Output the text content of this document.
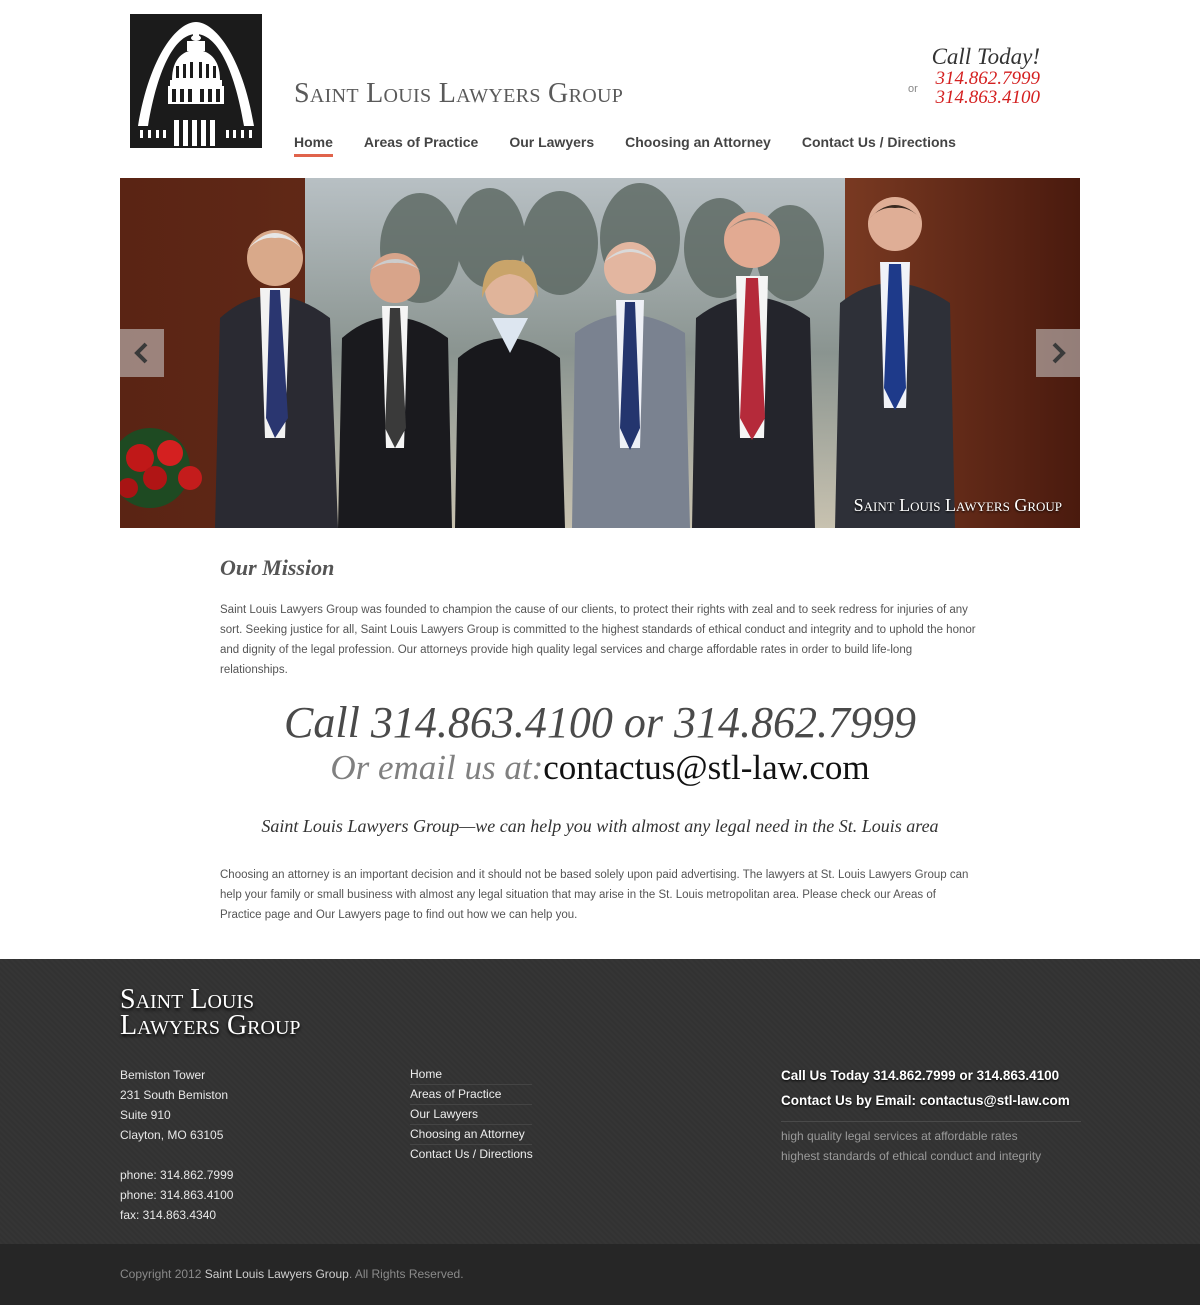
Saint Louis Lawyers Group
Call Today!
314.862.7999
314.863.4100
or
Home Areas of Practice Our Lawyers Choosing an Attorney Contact Us / Directions
Saint Louis Lawyers Group
Our Mission

Saint Louis Lawyers Group was founded to champion the cause of our clients, to protect their rights with zeal and to seek redress for injuries of any sort. Seeking justice for all, Saint Louis Lawyers Group is committed to the highest standards of ethical conduct and integrity and to uphold the honor and dignity of the legal profession. Our attorneys provide high quality legal services and charge affordable rates in order to build life-long relationships.

Call 314.863.4100 or 314.862.7999
Or email us at:contactus@stl-law.com
Saint Louis Lawyers Group—we can help you with almost any legal need in the St. Louis area

Choosing an attorney is an important decision and it should not be based solely upon paid advertising. The lawyers at St. Louis Lawyers Group can help your family or small business with almost any legal situation that may arise in the St. Louis metropolitan area. Please check our Areas of Practice page and Our Lawyers page to find out how we can help you.

Saint Louis
Lawyers Group
Bemiston Tower
231 South Bemiston
Suite 910
Clayton, MO 63105
phone: 314.862.7999
phone: 314.863.4100
fax: 314.863.4340
Home
Areas of Practice
Our Lawyers
Choosing an Attorney
Contact Us / Directions
Call Us Today 314.862.7999 or 314.863.4100
Contact Us by Email: contactus@stl-law.com
high quality legal services at affordable rates
highest standards of ethical conduct and integrity
Copyright 2012 Saint Louis Lawyers Group. All Rights Reserved.
